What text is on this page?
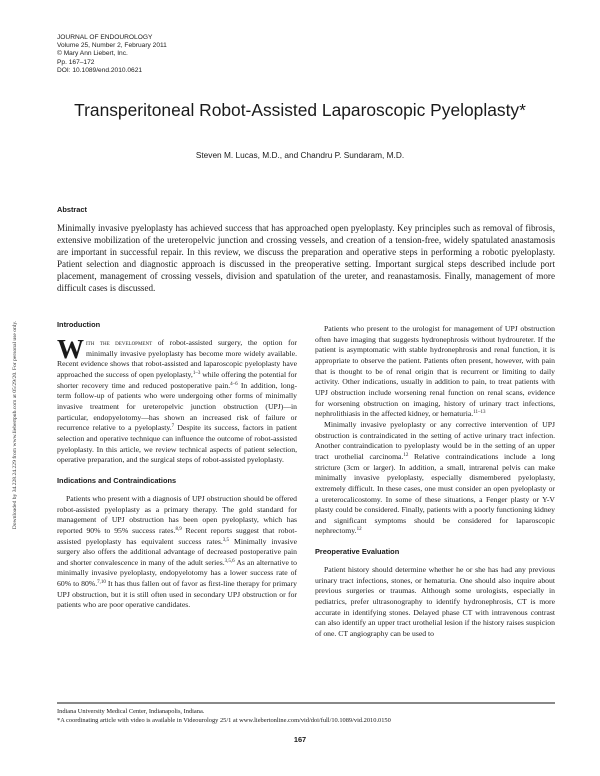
Downloaded by 34.228.24.229 from www.liebertpub.com at 05/29/20. For personal use only.
JOURNAL OF ENDOUROLOGY
Volume 25, Number 2, February 2011
© Mary Ann Liebert, Inc.
Pp. 167–172
DOI: 10.1089/end.2010.0621
Transperitoneal Robot-Assisted Laparoscopic Pyeloplasty*
Steven M. Lucas, M.D., and Chandru P. Sundaram, M.D.
Abstract
Minimally invasive pyeloplasty has achieved success that has approached open pyeloplasty. Key principles such as removal of fibrosis, extensive mobilization of the ureteropelvic junction and crossing vessels, and creation of a tension-free, widely spatulated anastamosis are important in successful repair. In this review, we discuss the preparation and operative steps in performing a robotic pyeloplasty. Patient selection and diagnostic approach is discussed in the preoperative setting. Important surgical steps described include port placement, management of crossing vessels, division and spatulation of the ureter, and reanastamosis. Finally, management of more difficult cases is discussed.
Introduction

With the development of robot-assisted surgery, the option for minimally invasive pyeloplasty has become more widely available. Recent evidence shows that robot-assisted and laparoscopic pyeloplasty have approached the success of open pyeloplasty,$^{1-3}$ while offering the potential for shorter recovery time and reduced postoperative pain.$^{4-6}$ In addition, long-term follow-up of patients who were undergoing other forms of minimally invasive treatment for ureteropelvic junction obstruction (UPJ)—in particular, endopyelotomy—has shown an increased risk of failure or recurrence relative to a pyeloplasty.$^7$ Despite its success, factors in patient selection and operative technique can influence the outcome of robot-assisted pyeloplasty. In this article, we review technical aspects of patient selection, operative preparation, and the surgical steps of robot-assisted pyeloplasty.

Indications and Contraindications

Patients who present with a diagnosis of UPJ obstruction should be offered robot-assisted pyeloplasty as a primary therapy. The gold standard for management of UPJ obstruction has been open pyeloplasty, which has reported 90% to 95% success rates.$^{8,9}$ Recent reports suggest that robot-assisted pyeloplasty has equivalent success rates.$^{3,5}$ Minimally invasive surgery also offers the additional advantage of decreased postoperative pain and shorter convalescence in many of the adult series.$^{3,5,6}$ As an alternative to minimally invasive pyeloplasty, endopyelotomy has a lower success rate of 60% to 80%.$^{7,10}$ It has thus fallen out of favor as first-line therapy for primary UPJ obstruction, but it is still often used in secondary UPJ obstruction or for patients who are poor operative candidates.

Patients who present to the urologist for management of UPJ obstruction often have imaging that suggests hydronephrosis without hydroureter. If the patient is asymptomatic with stable hydronephrosis and renal function, it is appropriate to observe the patient. Patients often present, however, with pain that is thought to be of renal origin that is recurrent or limiting to daily activity. Other indications, usually in addition to pain, to treat patients with UPJ obstruction include worsening renal function on renal scans, evidence for worsening obstruction on imaging, history of urinary tract infections, nephrolithiasis in the affected kidney, or hematuria.$^{11-13}$

Minimally invasive pyeloplasty or any corrective intervention of UPJ obstruction is contraindicated in the setting of active urinary tract infection. Another contraindication to pyeloplasty would be in the setting of an upper tract urothelial carcinoma.$^{12}$ Relative contraindications include a long stricture (3cm or larger). In addition, a small, intrarenal pelvis can make minimally invasive pyeloplasty, especially dismembered pyeloplasty, extremely difficult. In these cases, one must consider an open pyeloplasty or a ureterocalicostomy. In some of these situations, a Fenger plasty or Y-V plasty could be considered. Finally, patients with a poorly functioning kidney and significant symptoms should be considered for laparoscopic nephrectomy.$^{12}$

Preoperative Evaluation

Patient history should determine whether he or she has had any previous urinary tract infections, stones, or hematuria. One should also inquire about previous surgeries or traumas. Although some urologists, especially in pediatrics, prefer ultrasonography to identify hydronephrosis, CT is more accurate in identifying stones. Delayed phase CT with intravenous contrast can also identify an upper tract urothelial lesion if the history raises suspicion of one. CT angiography can be used to

Indiana University Medical Center, Indianapolis, Indiana.
*A coordinating article with video is available in Videourology 25/1 at www.liebertonline.com/vid/doi/full/10.1089/vid.2010.0150
167
